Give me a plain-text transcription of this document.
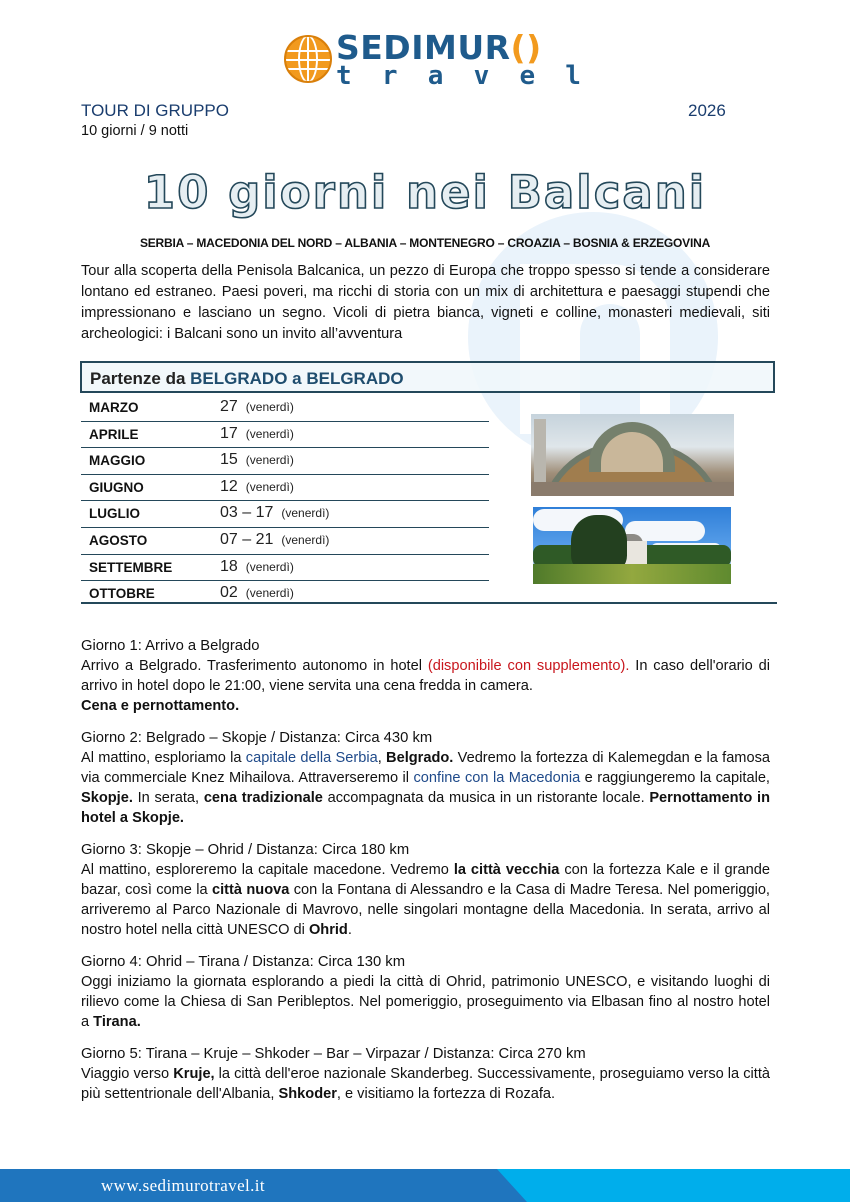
SEDIMUR()
t r a v e l
TOUR DI GRUPPO	2026
10 giorni / 9 notti
10 giorni nei Balcani
SERBIA – MACEDONIA DEL NORD – ALBANIA – MONTENEGRO – CROAZIA – BOSNIA & ERZEGOVINA
Tour alla scoperta della Penisola Balcanica, un pezzo di Europa che troppo spesso si tende a considerare lontano ed estraneo. Paesi poveri, ma ricchi di storia con un mix di architettura e paesaggi stupendi che impressionano e lasciano un segno. Vicoli di pietra bianca, vigneti e colline, monasteri medievali, siti archeologici: i Balcani sono un invito all’avventura
Partenze da BELGRADO a BELGRADO
MARZO	27 (venerdì)
APRILE	17 (venerdì)
MAGGIO	15 (venerdì)
GIUGNO	12 (venerdì)
LUGLIO	03 – 17 (venerdì)
AGOSTO	07 – 21 (venerdì)
SETTEMBRE	18 (venerdì)
OTTOBRE	02 (venerdì)
Giorno 1: Arrivo a Belgrado
Arrivo a Belgrado. Trasferimento autonomo in hotel (disponibile con supplemento). In caso dell'orario di arrivo in hotel dopo le 21:00, viene servita una cena fredda in camera.
Cena e pernottamento.
Giorno 2: Belgrado – Skopje / Distanza: Circa 430 km
Al mattino, esploriamo la capitale della Serbia, Belgrado. Vedremo la fortezza di Kalemegdan e la famosa via commerciale Knez Mihailova. Attraverseremo il confine con la Macedonia e raggiungeremo la capitale, Skopje. In serata, cena tradizionale accompagnata da musica in un ristorante locale. Pernottamento in hotel a Skopje.
Giorno 3: Skopje – Ohrid / Distanza: Circa 180 km
Al mattino, esploreremo la capitale macedone. Vedremo la città vecchia con la fortezza Kale e il grande bazar, così come la città nuova con la Fontana di Alessandro e la Casa di Madre Teresa. Nel pomeriggio, arriveremo al Parco Nazionale di Mavrovo, nelle singolari montagne della Macedonia. In serata, arrivo al nostro hotel nella città UNESCO di Ohrid.
Giorno 4: Ohrid – Tirana / Distanza: Circa 130 km
Oggi iniziamo la giornata esplorando a piedi la città di Ohrid, patrimonio UNESCO, e visitando luoghi di rilievo come la Chiesa di San Peribleptos. Nel pomeriggio, proseguimento via Elbasan fino al nostro hotel a Tirana.
Giorno 5: Tirana – Kruje – Shkoder – Bar – Virpazar / Distanza: Circa 270 km
Viaggio verso Kruje, la città dell'eroe nazionale Skanderbeg. Successivamente, proseguiamo verso la città più settentrionale dell'Albania, Shkoder, e visitiamo la fortezza di Rozafa.
www.sedimurotravel.it
